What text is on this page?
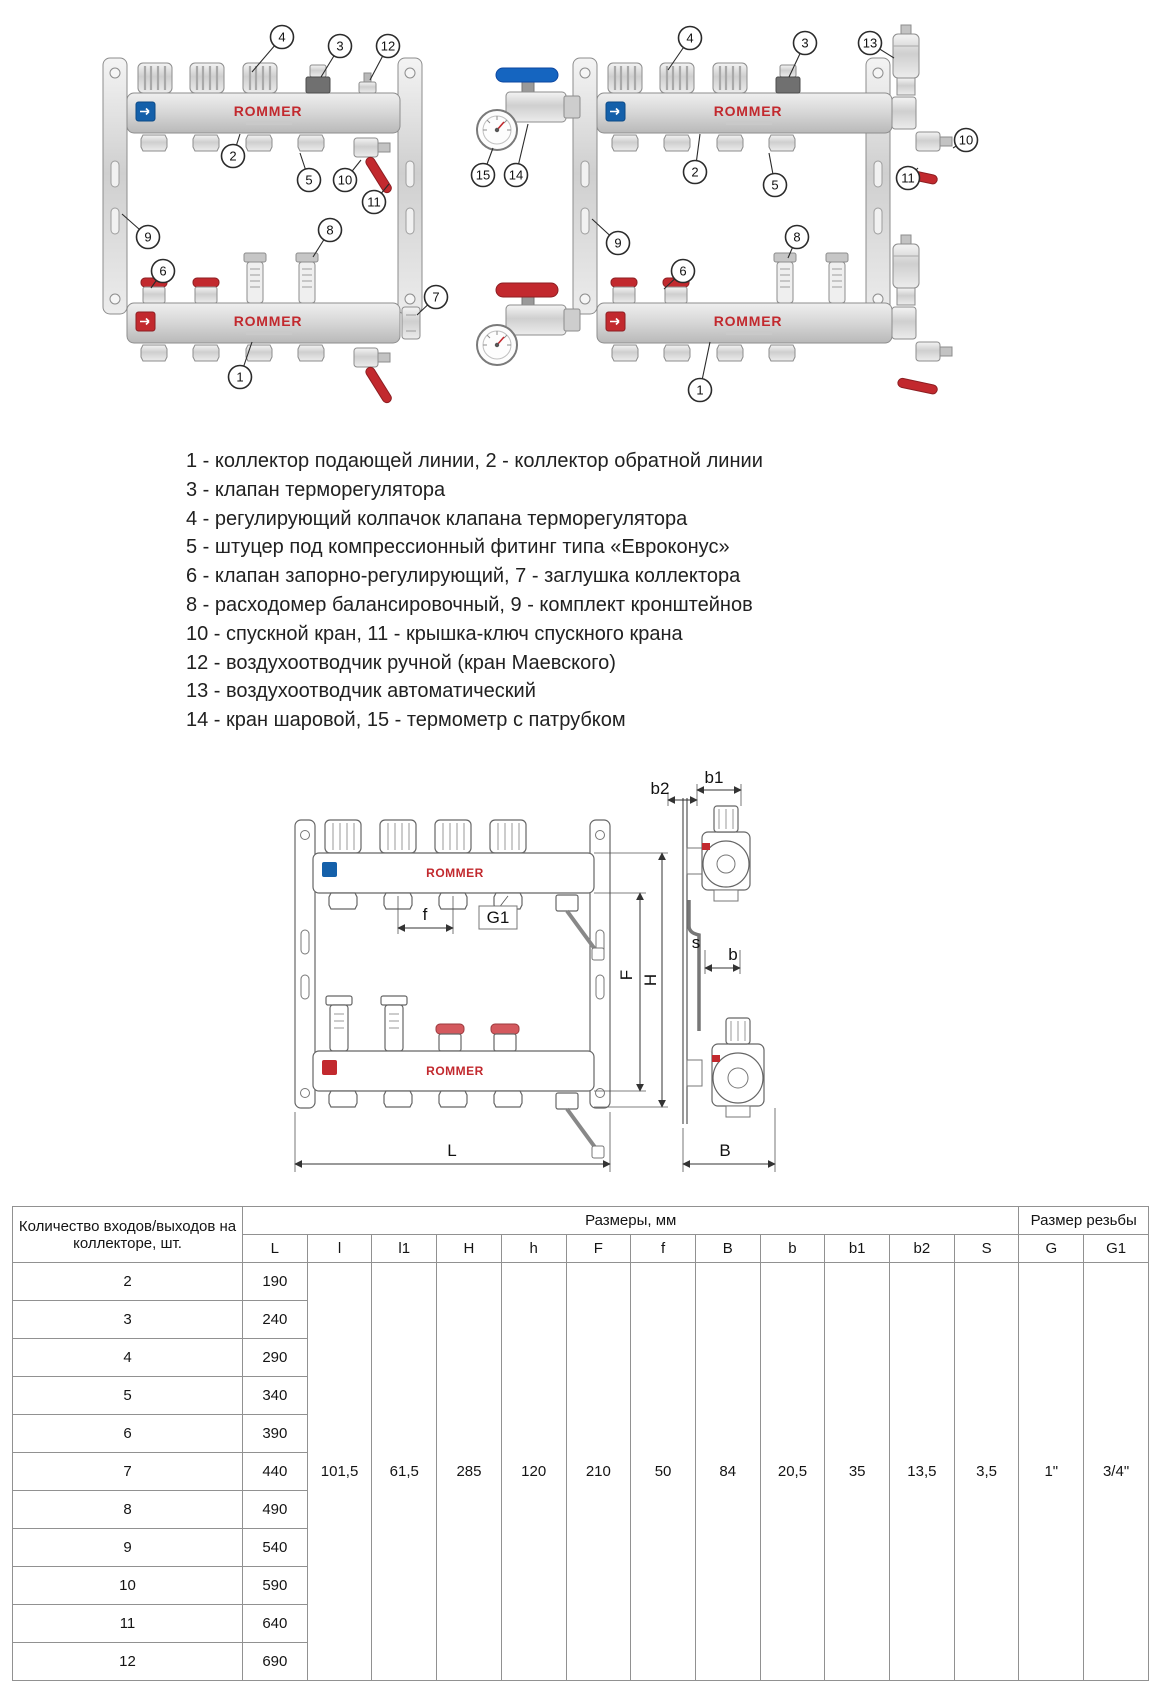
ROMMER
ROMMER
4
3	12
2
5 10
11
9
6
8
7
1
ROMMER
ROMMER
4	3	13
2
5
15 14
9
6
8
10
11
1
1 - коллектор подающей линии, 2 - коллектор обратной линии
3 - клапан терморегулятора
4 - регулирующий колпачок клапана терморегулятора
5 - штуцер под компрессионный фитинг типа «Евроконус»
6 - клапан запорно-регулирующий, 7 - заглушка коллектора
8 - расходомер балансировочный, 9 - комплект кронштейнов
10 - спускной кран, 11 - крышка-ключ спускного крана
12 - воздухоотводчик ручной (кран Маевского)
13 - воздухоотводчик автоматический
14 - кран шаровой, 15 - термометр с патрубком
ROMMER
f	G1
ROMMER
L
F H
b1
b2
s
b
B
Количество входов/выходов на коллекторе, шт.	Размеры, мм												Размер резьбы	
	L	l	l1	H	h	F	f	B	b	b1	b2	S	G	G1
2	190	101,5	61,5	285	120	210	50	84	20,5	35	13,5	3,5	1"	3/4"
3	240													
4	290													
5	340													
6	390													
7	440													
8	490													
9	540													
10	590													
11	640													
12	690													
